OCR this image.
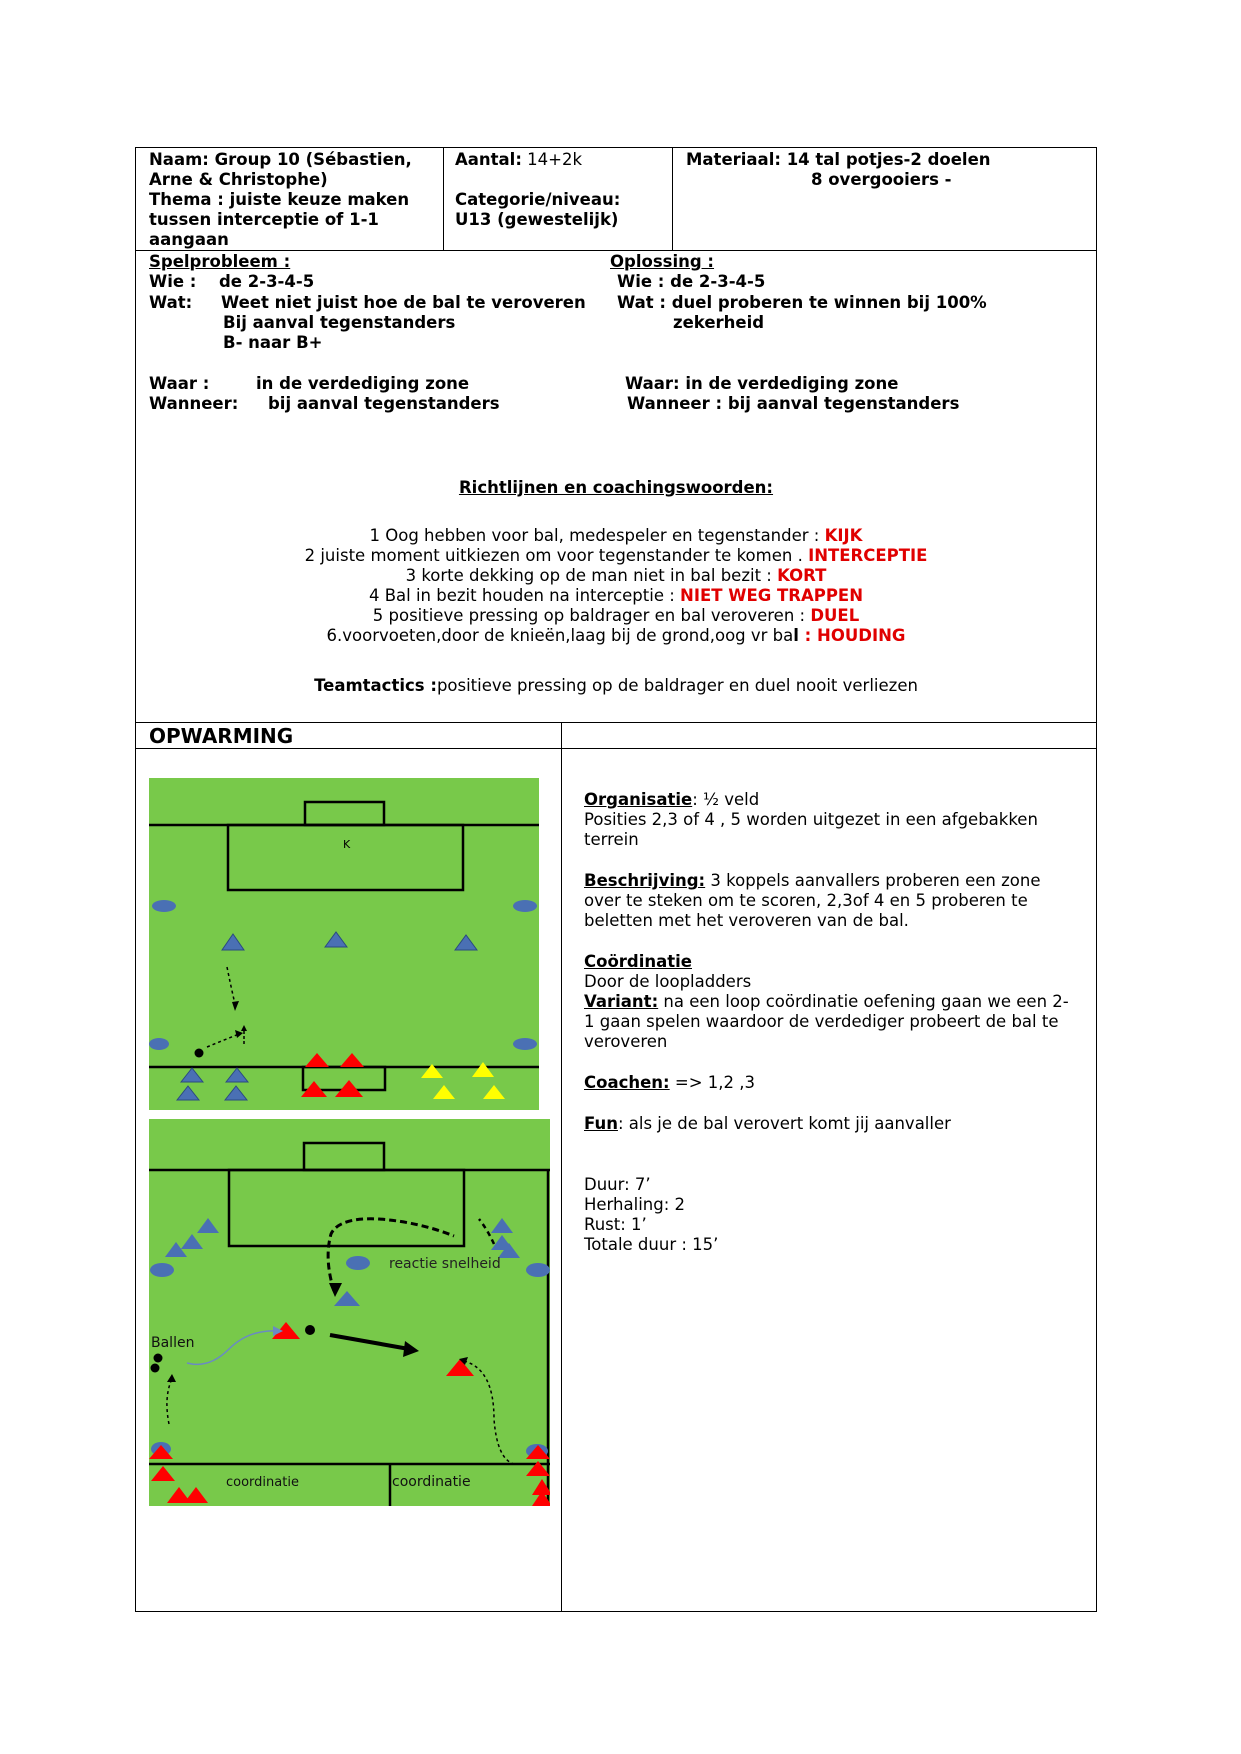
Naam: Group 10 (Sébastien,
Arne & Christophe)
Thema : juiste keuze maken
tussen interceptie of 1-1
aangaan
Aantal: 14+2k
Categorie/niveau:
U13 (gewestelijk)
Materiaal: 14 tal potjes-2 doelen
8 overgooiers -
Spelprobleem :
Wie : de 2-3-4-5
Wat: Weet niet juist hoe de bal te veroveren
Bij aanval tegenstanders
B- naar B+
Waar :	in de verdediging zone
Wanneer: bij aanval tegenstanders
Oplossing :
Wie : de 2-3-4-5
Wat : duel proberen te winnen bij 100%
zekerheid
Waar: in de verdediging zone
Wanneer : bij aanval tegenstanders
Richtlijnen en coachingswoorden:
1 Oog hebben voor bal, medespeler en tegenstander : KIJK
2 juiste moment uitkiezen om voor tegenstander te komen . INTERCEPTIE
3 korte dekking op de man niet in bal bezit : KORT
4 Bal in bezit houden na interceptie : NIET WEG TRAPPEN
5 positieve pressing op baldrager en bal veroveren : DUEL
6.voorvoeten,door de knieën,laag bij de grond,oog vr bal : HOUDING
Teamtactics :positieve pressing op de baldrager en duel nooit verliezen
OPWARMING
K
reactie snelheid
Ballen
coordinatie	coordinatie
Organisatie: ½ veld
Posities 2,3 of 4 , 5 worden uitgezet in een afgebakken
terrein
Beschrijving: 3 koppels aanvallers proberen een zone
over te steken om te scoren, 2,3of 4 en 5 proberen te
beletten met het veroveren van de bal.
Coördinatie
Door de loopladders
Variant: na een loop coördinatie oefening gaan we een 2-
1 gaan spelen waardoor de verdediger probeert de bal te
veroveren
Coachen: => 1,2 ,3
Fun: als je de bal verovert komt jij aanvaller
Duur: 7’
Herhaling: 2
Rust: 1’
Totale duur : 15’
